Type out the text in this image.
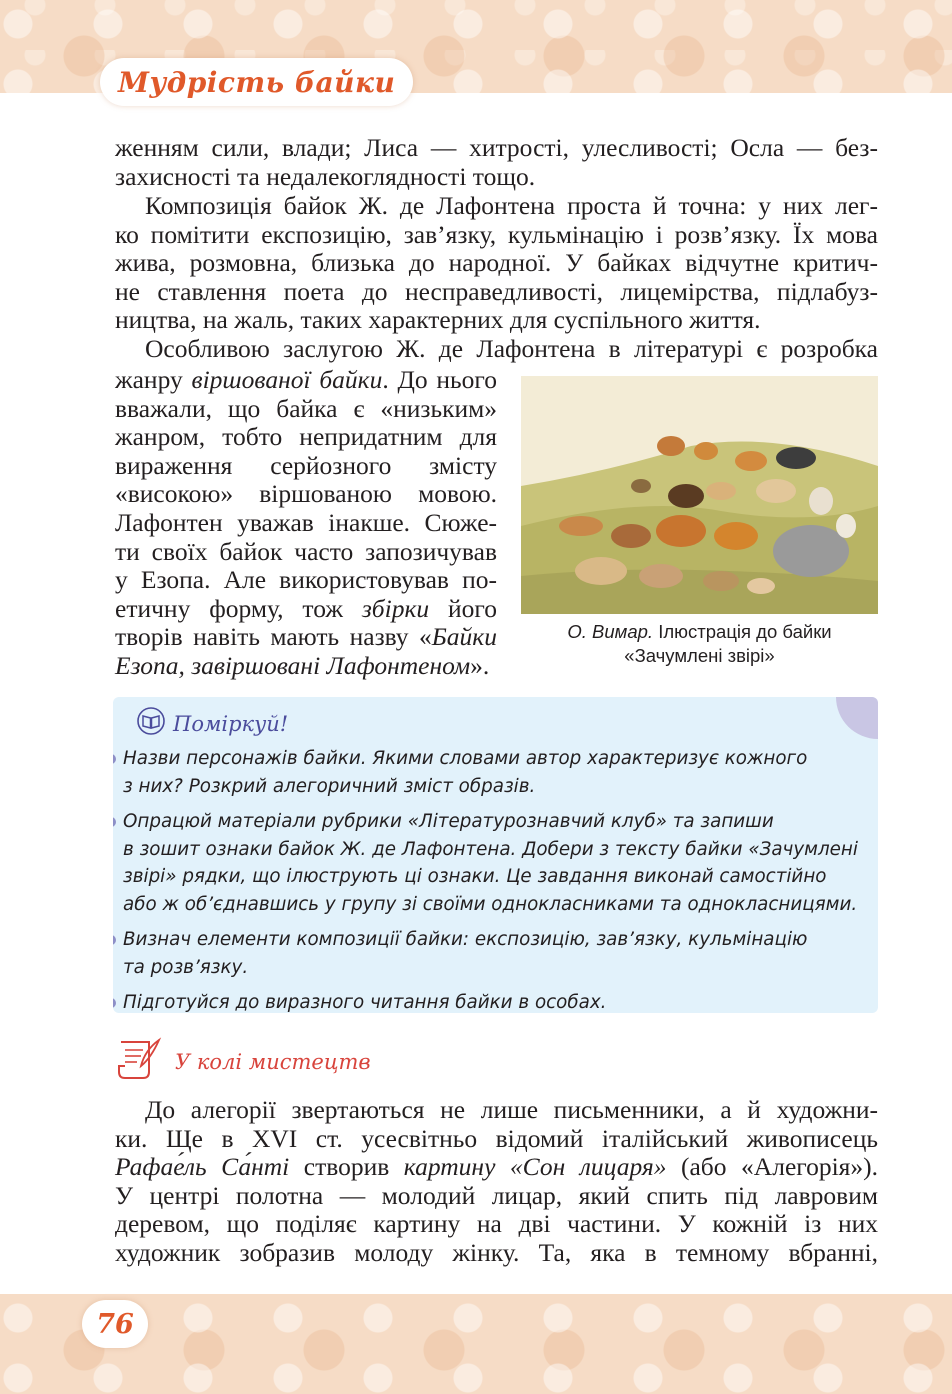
Мудрість байки
женням сили, влади; Лиса — хитрості, улесливості; Осла — без-
захисності та недалекоглядності тощо.
Композиція байок Ж. де Лафонтена проста й точна: у них лег-
ко помітити експозицію, зав’язку, кульмінацію і розв’язку. Їх мова
жива, розмовна, близька до народної. У байках відчутне критич-
не ставлення поета до несправедливості, лицемірства, підлабуз-
ництва, на жаль, таких характерних для суспільного життя.
Особливою заслугою Ж. де Лафонтена в літературі є розробка
жанру віршованої байки. До нього
вважали, що байка є «низьким»
жанром, тобто непридатним для
вираження серйозного змісту
«високою» віршованою мовою.
Лафонтен уважав інакше. Сюже-
ти своїх байок часто запозичував
у Езопа. Але використовував по-
етичну форму, тож збірки його
творів навіть мають назву «Байки
Езопа, завіршовані Лафонтеном».
О. Вимар. Ілюстрація до байки
«Зачумлені звірі»
Поміркуй!
Назви персонажів байки. Якими словами автор характеризує кожного
з них? Розкрий алегоричний зміст образів.
Опрацюй матеріали рубрики «Літературознавчий клуб» та запиши
в зошит ознаки байок Ж. де Лафонтена. Добери з тексту байки «Зачумлені
звірі» рядки, що ілюструють ці ознаки. Це завдання виконай самостійно
або ж об’єднавшись у групу зі своїми однокласниками та однокласницями.
Визнач елементи композиції байки: експозицію, зав’язку, кульмінацію
та розв’язку.
Підготуйся до виразного читання байки в особах.
У колі мистецтв
До алегорії звертаються не лише письменники, а й художни-
ки. Ще в XVI ст. усесвітньо відомий італійський живописець
Рафае́ль Са́нті створив картину «Сон лицаря» (або «Алегорія»).
У центрі полотна — молодий лицар, який спить під лавровим
деревом, що поділяє картину на дві частини. У кожній із них
художник зобразив молоду жінку. Та, яка в темному вбранні,
76
